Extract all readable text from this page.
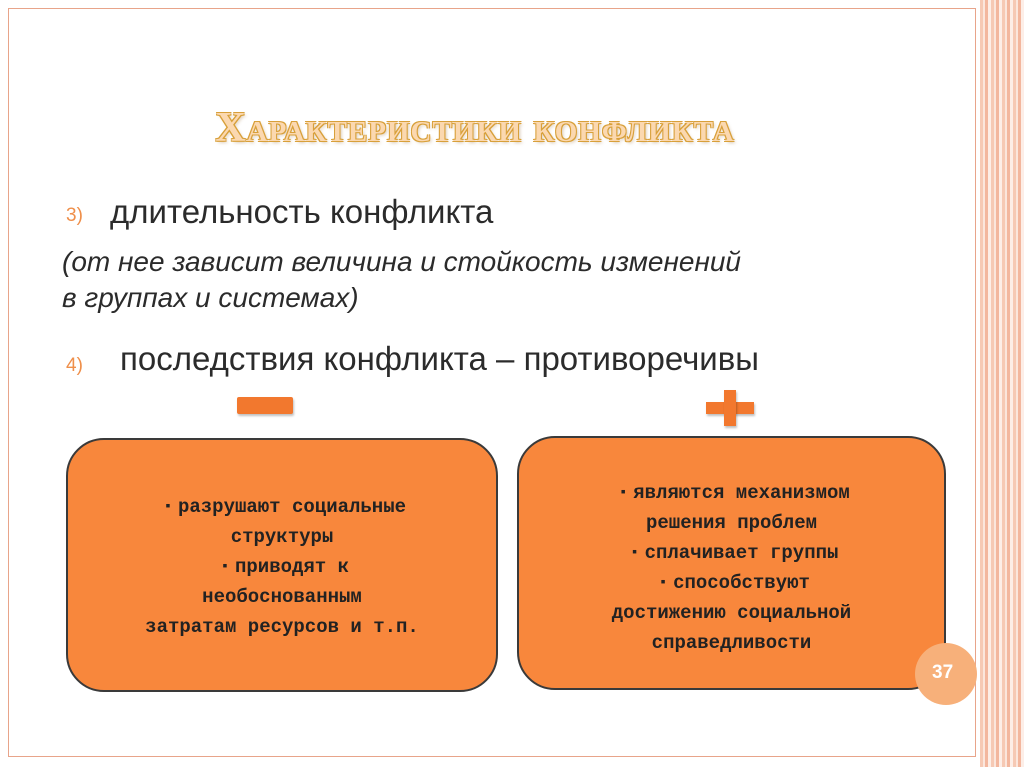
Характеристики конфликта
3) длительность конфликта
(от нее зависит величина и стойкость изменений
в группах и системах)
4) последствия конфликта – противоречивы
▪ разрушают социальные
структуры
▪ приводят к
необоснованным
затратам ресурсов и т.п.
▪ являются механизмом
решения проблем
▪ сплачивает группы
▪ способствуют
достижению социальной
справедливости
37
